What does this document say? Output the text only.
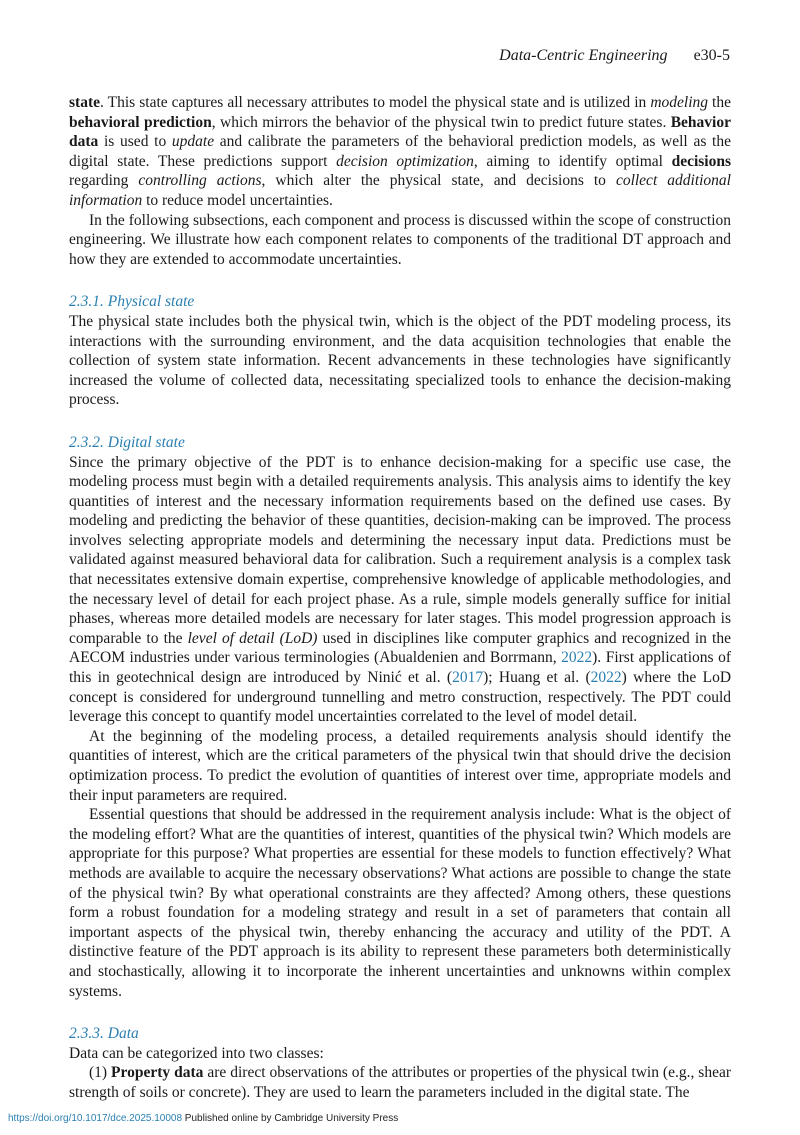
Data-Centric Engineering e30-5

state. This state captures all necessary attributes to model the physical state and is utilized in modeling the behavioral prediction, which mirrors the behavior of the physical twin to predict future states. Behavior data is used to update and calibrate the parameters of the behavioral prediction models, as well as the digital state. These predictions support decision optimization, aiming to identify optimal decisions regarding controlling actions, which alter the physical state, and decisions to collect additional information to reduce model uncertainties.

In the following subsections, each component and process is discussed within the scope of construction engineering. We illustrate how each component relates to components of the traditional DT approach and how they are extended to accommodate uncertainties.

2.3.1. Physical state

The physical state includes both the physical twin, which is the object of the PDT modeling process, its interactions with the surrounding environment, and the data acquisition technologies that enable the collection of system state information. Recent advancements in these technologies have significantly increased the volume of collected data, necessitating specialized tools to enhance the decision-making process.

2.3.2. Digital state

Since the primary objective of the PDT is to enhance decision-making for a specific use case, the modeling process must begin with a detailed requirements analysis. This analysis aims to identify the key quantities of interest and the necessary information requirements based on the defined use cases. By modeling and predicting the behavior of these quantities, decision-making can be improved. The process involves selecting appropriate models and determining the necessary input data. Predictions must be validated against measured behavioral data for calibration. Such a requirement analysis is a complex task that necessitates extensive domain expertise, comprehensive knowledge of applicable methodologies, and the necessary level of detail for each project phase. As a rule, simple models generally suffice for initial phases, whereas more detailed models are necessary for later stages. This model progression approach is comparable to the level of detail (LoD) used in disciplines like computer graphics and recognized in the AECOM industries under various terminologies (Abualdenien and Borrmann, 2022). First applications of this in geotechnical design are introduced by Ninić et al. (2017); Huang et al. (2022) where the LoD concept is considered for underground tunnelling and metro construction, respectively. The PDT could leverage this concept to quantify model uncertainties correlated to the level of model detail.

At the beginning of the modeling process, a detailed requirements analysis should identify the quantities of interest, which are the critical parameters of the physical twin that should drive the decision optimization process. To predict the evolution of quantities of interest over time, appropriate models and their input parameters are required.

Essential questions that should be addressed in the requirement analysis include: What is the object of the modeling effort? What are the quantities of interest, quantities of the physical twin? Which models are appropriate for this purpose? What properties are essential for these models to function effectively? What methods are available to acquire the necessary observations? What actions are possible to change the state of the physical twin? By what operational constraints are they affected? Among others, these questions form a robust foundation for a modeling strategy and result in a set of parameters that contain all important aspects of the physical twin, thereby enhancing the accuracy and utility of the PDT. A distinctive feature of the PDT approach is its ability to represent these parameters both deterministically and stochastically, allowing it to incorporate the inherent uncertainties and unknowns within complex systems.

2.3.3. Data

Data can be categorized into two classes:

(1) Property data are direct observations of the attributes or properties of the physical twin (e.g., shear strength of soils or concrete). They are used to learn the parameters included in the digital state. The

https://doi.org/10.1017/dce.2025.10008 Published online by Cambridge University Press
